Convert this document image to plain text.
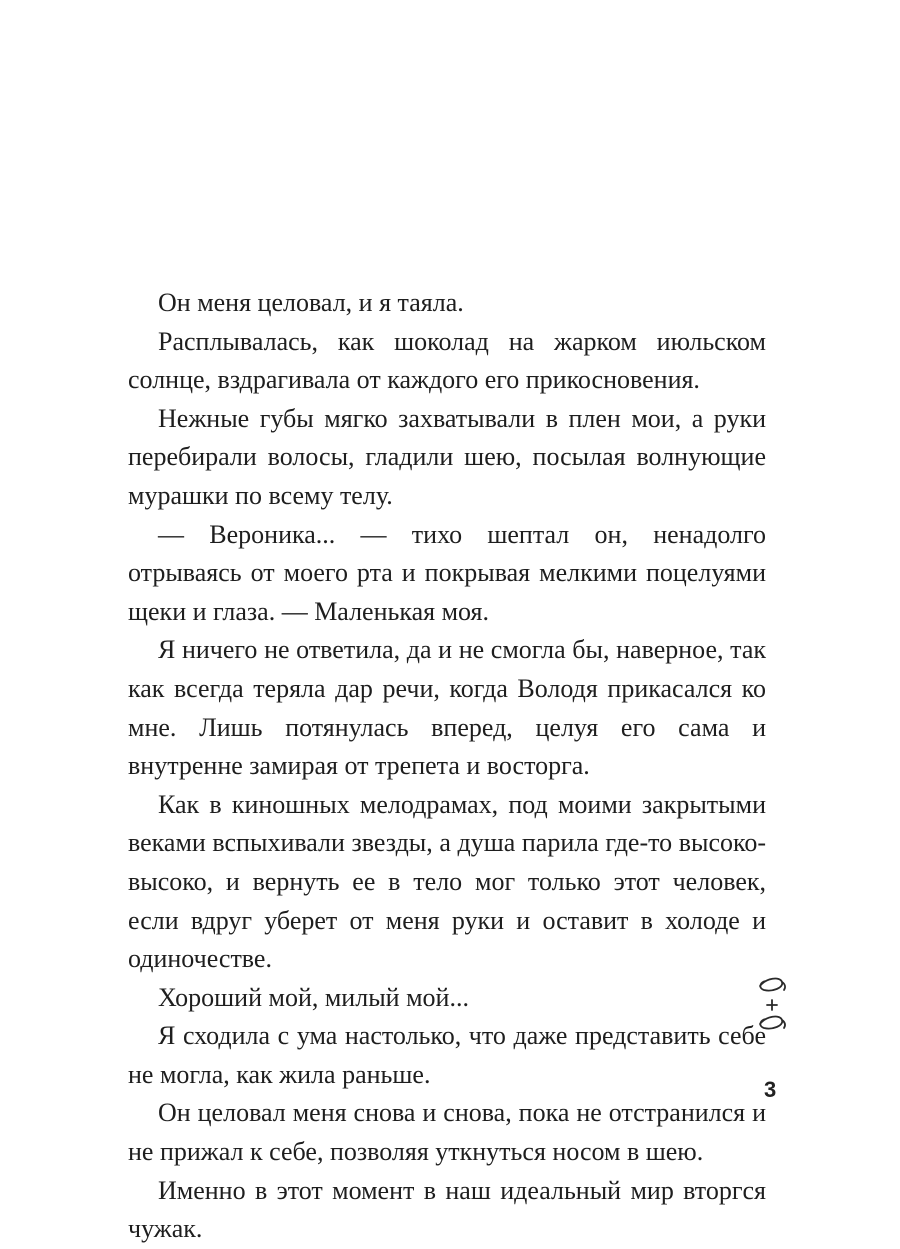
Он меня целовал, и я таяла.

Расплывалась, как шоколад на жарком июльском солнце, вздрагивала от каждого его прикосновения.

Нежные губы мягко захватывали в плен мои, а руки перебирали волосы, гладили шею, посылая волнующие мурашки по всему телу.

— Вероника... — тихо шептал он, ненадолго отрываясь от моего рта и покрывая мелкими поцелуями щеки и глаза. — Маленькая моя.

Я ничего не ответила, да и не смогла бы, наверное, так как всегда теряла дар речи, когда Володя прикасался ко мне. Лишь потянулась вперед, целуя его сама и внутренне замирая от трепета и восторга.

Как в киношных мелодрамах, под моими закрытыми веками вспыхивали звезды, а душа парила где-то высоко-высоко, и вернуть ее в тело мог только этот человек, если вдруг уберет от меня руки и оставит в холоде и одиночестве.

Хороший мой, милый мой...

Я сходила с ума настолько, что даже представить себе не могла, как жила раньше.

Он целовал меня снова и снова, пока не отстранился и не прижал к себе, позволяя уткнуться носом в шею.

Именно в этот момент в наш идеальный мир вторгся чужак.

3
